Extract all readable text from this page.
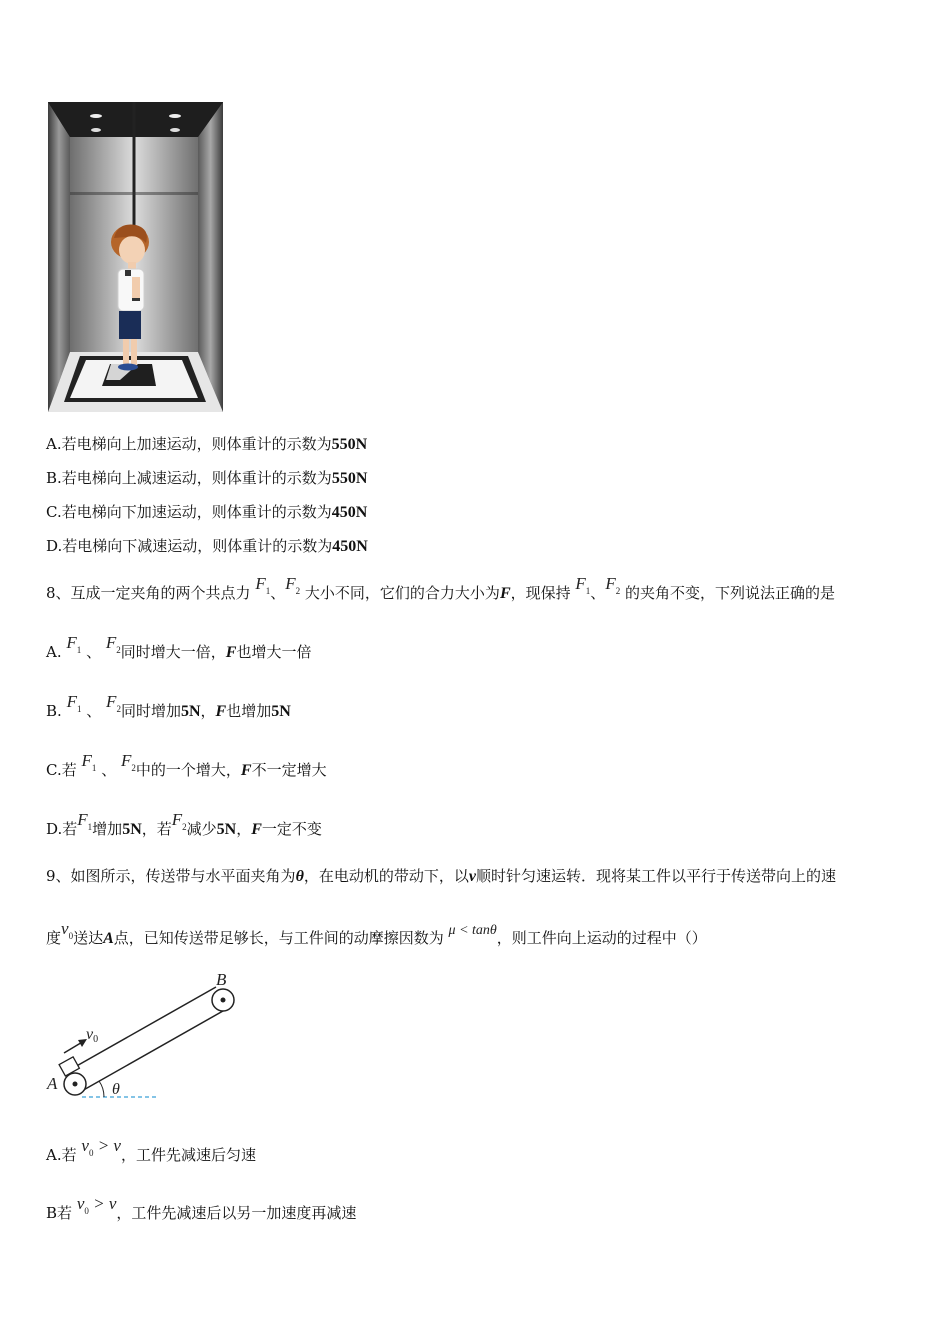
A.若电梯向上加速运动，则体重计的示数为550N
B.若电梯向上减速运动，则体重计的示数为550N
C.若电梯向下加速运动，则体重计的示数为450N
D.若电梯向下减速运动，则体重计的示数为450N
8、互成一定夹角的两个共点力 $F_1$、$F_2$ 大小不同，它们的合力大小为F，现保持 $F_1$、$F_2$ 的夹角不变，下列说法正确的是
A. $F_1$ 、 $F_2$同时增大一倍，F也增大一倍
B. $F_1$ 、 $F_2$同时增加5N，F也增加5N
C.若 $F_1$ 、 $F_2$中的一个增大，F不一定增大
D.若$F_1$增加5N，若$F_2$减少5N，F一定不变
9、如图所示，传送带与水平面夹角为θ，在电动机的带动下，以v顺时针匀速运转．现将某工件以平行于传送带向上的速
度$v_0$送达A点，已知传送带足够长，与工件间的动摩擦因数为 μ < tanθ，则工件向上运动的过程中（）
B
A	θ
v0
A.若 $v_0 > v$，工件先减速后匀速
B若 $v_0 > v$，工件先减速后以另一加速度再减速
